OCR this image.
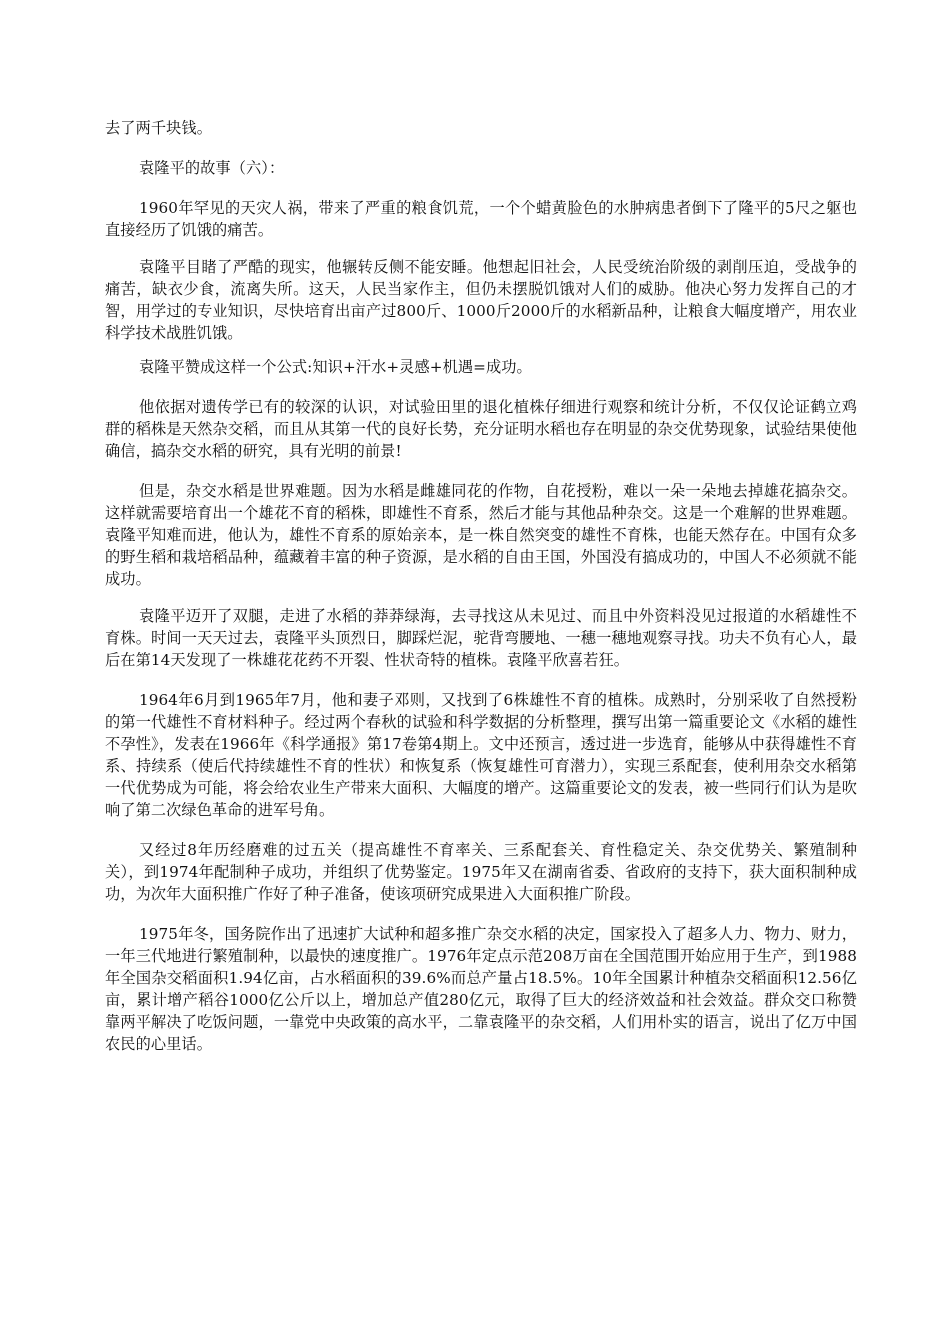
去了两千块钱。

袁隆平的故事（六）：

1960年罕见的天灾人祸，带来了严重的粮食饥荒，一个个蜡黄脸色的水肿病患者倒下了隆平的5尺之躯也直接经历了饥饿的痛苦。

袁隆平目睹了严酷的现实，他辗转反侧不能安睡。他想起旧社会，人民受统治阶级的剥削压迫，受战争的痛苦，缺衣少食，流离失所。这天，人民当家作主，但仍未摆脱饥饿对人们的威胁。他决心努力发挥自己的才智，用学过的专业知识，尽快培育出亩产过800斤、1000斤2000斤的水稻新品种，让粮食大幅度增产，用农业科学技术战胜饥饿。

袁隆平赞成这样一个公式:知识+汗水+灵感+机遇=成功。

他依据对遗传学已有的较深的认识，对试验田里的退化植株仔细进行观察和统计分析，不仅仅论证鹤立鸡群的稻株是天然杂交稻，而且从其第一代的良好长势，充分证明水稻也存在明显的杂交优势现象，试验结果使他确信，搞杂交水稻的研究，具有光明的前景!

但是，杂交水稻是世界难题。因为水稻是雌雄同花的作物，自花授粉，难以一朵一朵地去掉雄花搞杂交。这样就需要培育出一个雄花不育的稻株，即雄性不育系，然后才能与其他品种杂交。这是一个难解的世界难题。袁隆平知难而进，他认为，雄性不育系的原始亲本，是一株自然突变的雄性不育株，也能天然存在。中国有众多的野生稻和栽培稻品种，蕴藏着丰富的种子资源，是水稻的自由王国，外国没有搞成功的，中国人不必须就不能成功。

袁隆平迈开了双腿，走进了水稻的莽莽绿海，去寻找这从未见过、而且中外资料没见过报道的水稻雄性不育株。时间一天天过去，袁隆平头顶烈日，脚踩烂泥，驼背弯腰地、一穗一穗地观察寻找。功夫不负有心人，最后在第14天发现了一株雄花花药不开裂、性状奇特的植株。袁隆平欣喜若狂。

1964年6月到1965年7月，他和妻子邓则，又找到了6株雄性不育的植株。成熟时，分别采收了自然授粉的第一代雄性不育材料种子。经过两个春秋的试验和科学数据的分析整理，撰写出第一篇重要论文《水稻的雄性不孕性》，发表在1966年《科学通报》第17卷第4期上。文中还预言，透过进一步选育，能够从中获得雄性不育系、持续系（使后代持续雄性不育的性状）和恢复系（恢复雄性可育潜力），实现三系配套，使利用杂交水稻第一代优势成为可能，将会给农业生产带来大面积、大幅度的增产。这篇重要论文的发表，被一些同行们认为是吹响了第二次绿色革命的进军号角。

又经过8年历经磨难的过五关（提高雄性不育率关、三系配套关、育性稳定关、杂交优势关、繁殖制种关），到1974年配制种子成功，并组织了优势鉴定。1975年又在湖南省委、省政府的支持下，获大面积制种成功，为次年大面积推广作好了种子准备，使该项研究成果进入大面积推广阶段。

1975年冬，国务院作出了迅速扩大试种和超多推广杂交水稻的决定，国家投入了超多人力、物力、财力，一年三代地进行繁殖制种，以最快的速度推广。1976年定点示范208万亩在全国范围开始应用于生产，到1988年全国杂交稻面积1.94亿亩，占水稻面积的39.6%而总产量占18.5%。10年全国累计种植杂交稻面积12.56亿亩，累计增产稻谷1000亿公斤以上，增加总产值280亿元，取得了巨大的经济效益和社会效益。群众交口称赞靠两平解决了吃饭问题，一靠党中央政策的高水平，二靠袁隆平的杂交稻，人们用朴实的语言，说出了亿万中国农民的心里话。
